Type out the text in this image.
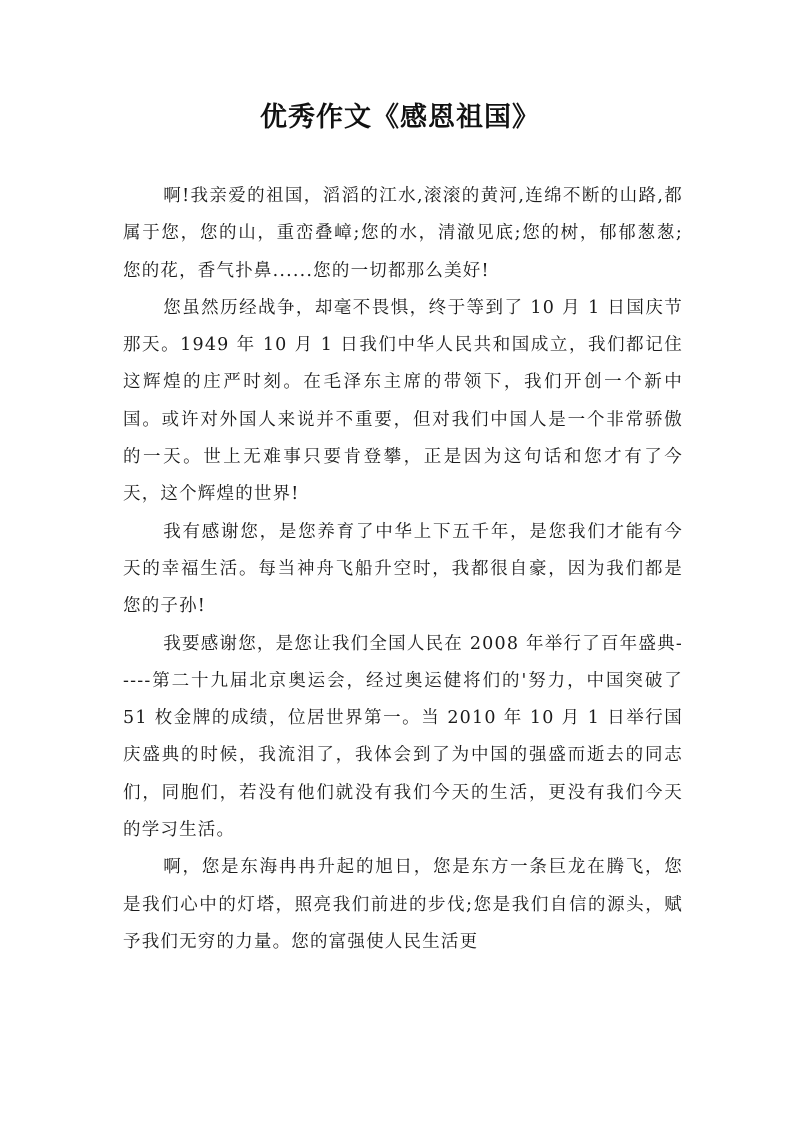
优秀作文《感恩祖国》

啊!我亲爱的祖国，滔滔的江水,滚滚的黄河,连绵不断的山路,都属于您，您的山，重峦叠嶂;您的水，清澈见底;您的树，郁郁葱葱;您的花，香气扑鼻......您的一切都那么美好!

您虽然历经战争，却毫不畏惧，终于等到了 10 月 1 日国庆节那天。1949 年 10 月 1 日我们中华人民共和国成立，我们都记住这辉煌的庄严时刻。在毛泽东主席的带领下，我们开创一个新中国。或许对外国人来说并不重要，但对我们中国人是一个非常骄傲的一天。世上无难事只要肯登攀，正是因为这句话和您才有了今天，这个辉煌的世界!

我有感谢您，是您养育了中华上下五千年，是您我们才能有今天的幸福生活。每当神舟飞船升空时，我都很自豪，因为我们都是您的子孙!

我要感谢您，是您让我们全国人民在 2008 年举行了百年盛典-----第二十九届北京奥运会，经过奥运健将们的'努力，中国突破了 51 枚金牌的成绩，位居世界第一。当 2010 年 10 月 1 日举行国庆盛典的时候，我流泪了，我体会到了为中国的强盛而逝去的同志们，同胞们，若没有他们就没有我们今天的生活，更没有我们今天的学习生活。

啊，您是东海冉冉升起的旭日，您是东方一条巨龙在腾飞，您是我们心中的灯塔，照亮我们前进的步伐;您是我们自信的源头，赋予我们无穷的力量。您的富强使人民生活更
